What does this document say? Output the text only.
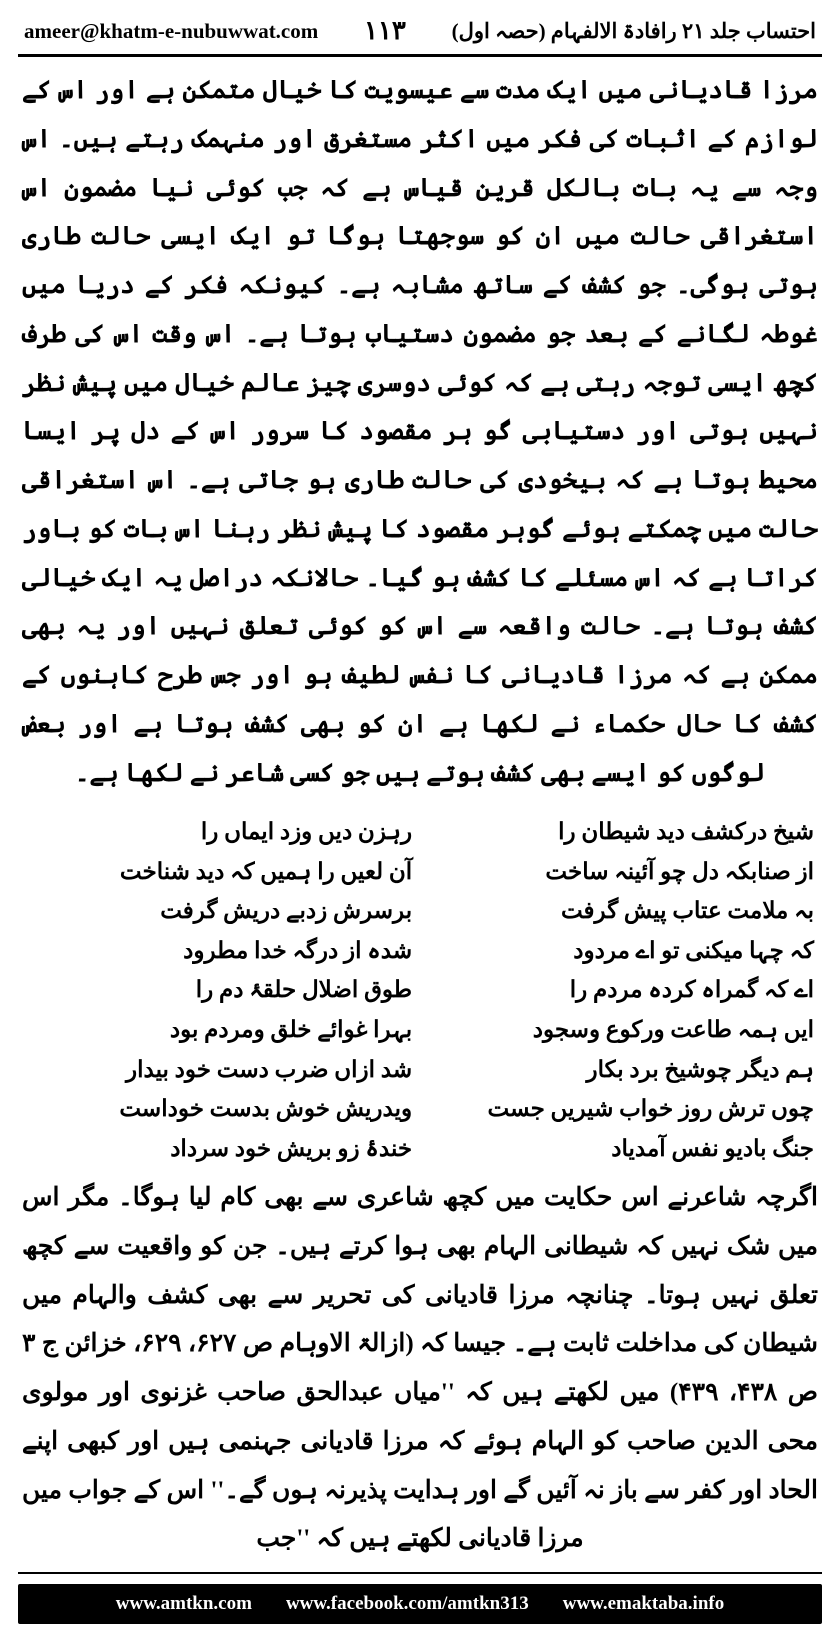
احتساب جلد ۲۱ رافادۃ الالفہام (حصہ اول)
۱۱۳
ameer@khatm-e-nubuwwat.com

مرزا قادیانی میں ایک مدت سے عیسویت کا خیال متمکن ہے اور اس کے لوازم کے اثبات کی فکر میں اکثر مستغرق اور منہمک رہتے ہیں۔ اس وجہ سے یہ بات بالکل قرین قیاس ہے کہ جب کوئی نیا مضمون اس استغراقی حالت میں ان کو سوجھتا ہوگا تو ایک ایسی حالت طاری ہوتی ہوگی۔ جو کشف کے ساتھ مشابہ ہے۔ کیونکہ فکر کے دریا میں غوطہ لگانے کے بعد جو مضمون دستیاب ہوتا ہے۔ اس وقت اس کی طرف کچھ ایسی توجہ رہتی ہے کہ کوئی دوسری چیز عالم خیال میں پیش نظر نہیں ہوتی اور دستیابی گو ہر مقصود کا سرور اس کے دل پر ایسا محیط ہوتا ہے کہ بیخودی کی حالت طاری ہو جاتی ہے۔ اس استغراقی حالت میں چمکتے ہوئے گوہر مقصود کا پیش نظر رہنا اس بات کو باور کراتا ہے کہ اس مسئلے کا کشف ہو گیا۔ حالانکہ دراصل یہ ایک خیالی کشف ہوتا ہے۔ حالت واقعہ سے اس کو کوئی تعلق نہیں اور یہ بھی ممکن ہے کہ مرزا قادیانی کا نفس لطیف ہو اور جس طرح کاہنوں کے کشف کا حال حکماء نے لکھا ہے ان کو بھی کشف ہوتا ہے اور بعض لوگوں کو ایسے بھی کشف ہوتے ہیں جو کسی شاعر نے لکھا ہے۔

شیخ درکشف دید شیطان را
رہزن دیں وزد ایماں را
از صنابکہ دل چو آئینہ ساخت
آن لعیں را ہمیں کہ دید شناخت
بہ ملامت عتاب پیش گرفت
برسرش زدبے دریش گرفت
کہ چہا میکنی تو اے مردود
شدہ از درگہ خدا مطرود
اے کہ گمراہ کردہ مردم را
طوق اضلال حلقۂ دم را
ایں ہمہ طاعت ورکوع وسجود
بہرا غوائے خلق ومردم بود
ہم دیگر چوشیخ برد بکار
شد ازاں ضرب دست خود بیدار
چوں ترش روز خواب شیریں جست
ویدریش خوش بدست خوداست
جنگ بادیو نفس آمدیاد
خندۂ زو بریش خود سرداد

اگرچہ شاعرنے اس حکایت میں کچھ شاعری سے بھی کام لیا ہوگا۔ مگر اس میں شک نہیں کہ شیطانی الہام بھی ہوا کرتے ہیں۔ جن کو واقعیت سے کچھ تعلق نہیں ہوتا۔ چنانچہ مرزا قادیانی کی تحریر سے بھی کشف والہام میں شیطان کی مداخلت ثابت ہے۔ جیسا کہ (ازالۃ الاوہام ص ۶۲۷، ۶۲۹، خزائن ج ۳ ص ۴۳۸، ۴۳۹) میں لکھتے ہیں کہ ''میاں عبدالحق صاحب غزنوی اور مولوی محی الدین صاحب کو الہام ہوئے کہ مرزا قادیانی جہنمی ہیں اور کبھی اپنے الحاد اور کفر سے باز نہ آئیں گے اور ہدایت پذیرنہ ہوں گے۔'' اس کے جواب میں مرزا قادیانی لکھتے ہیں کہ ''جب

www.amtkn.com www.facebook.com/amtkn313 www.emaktaba.info
